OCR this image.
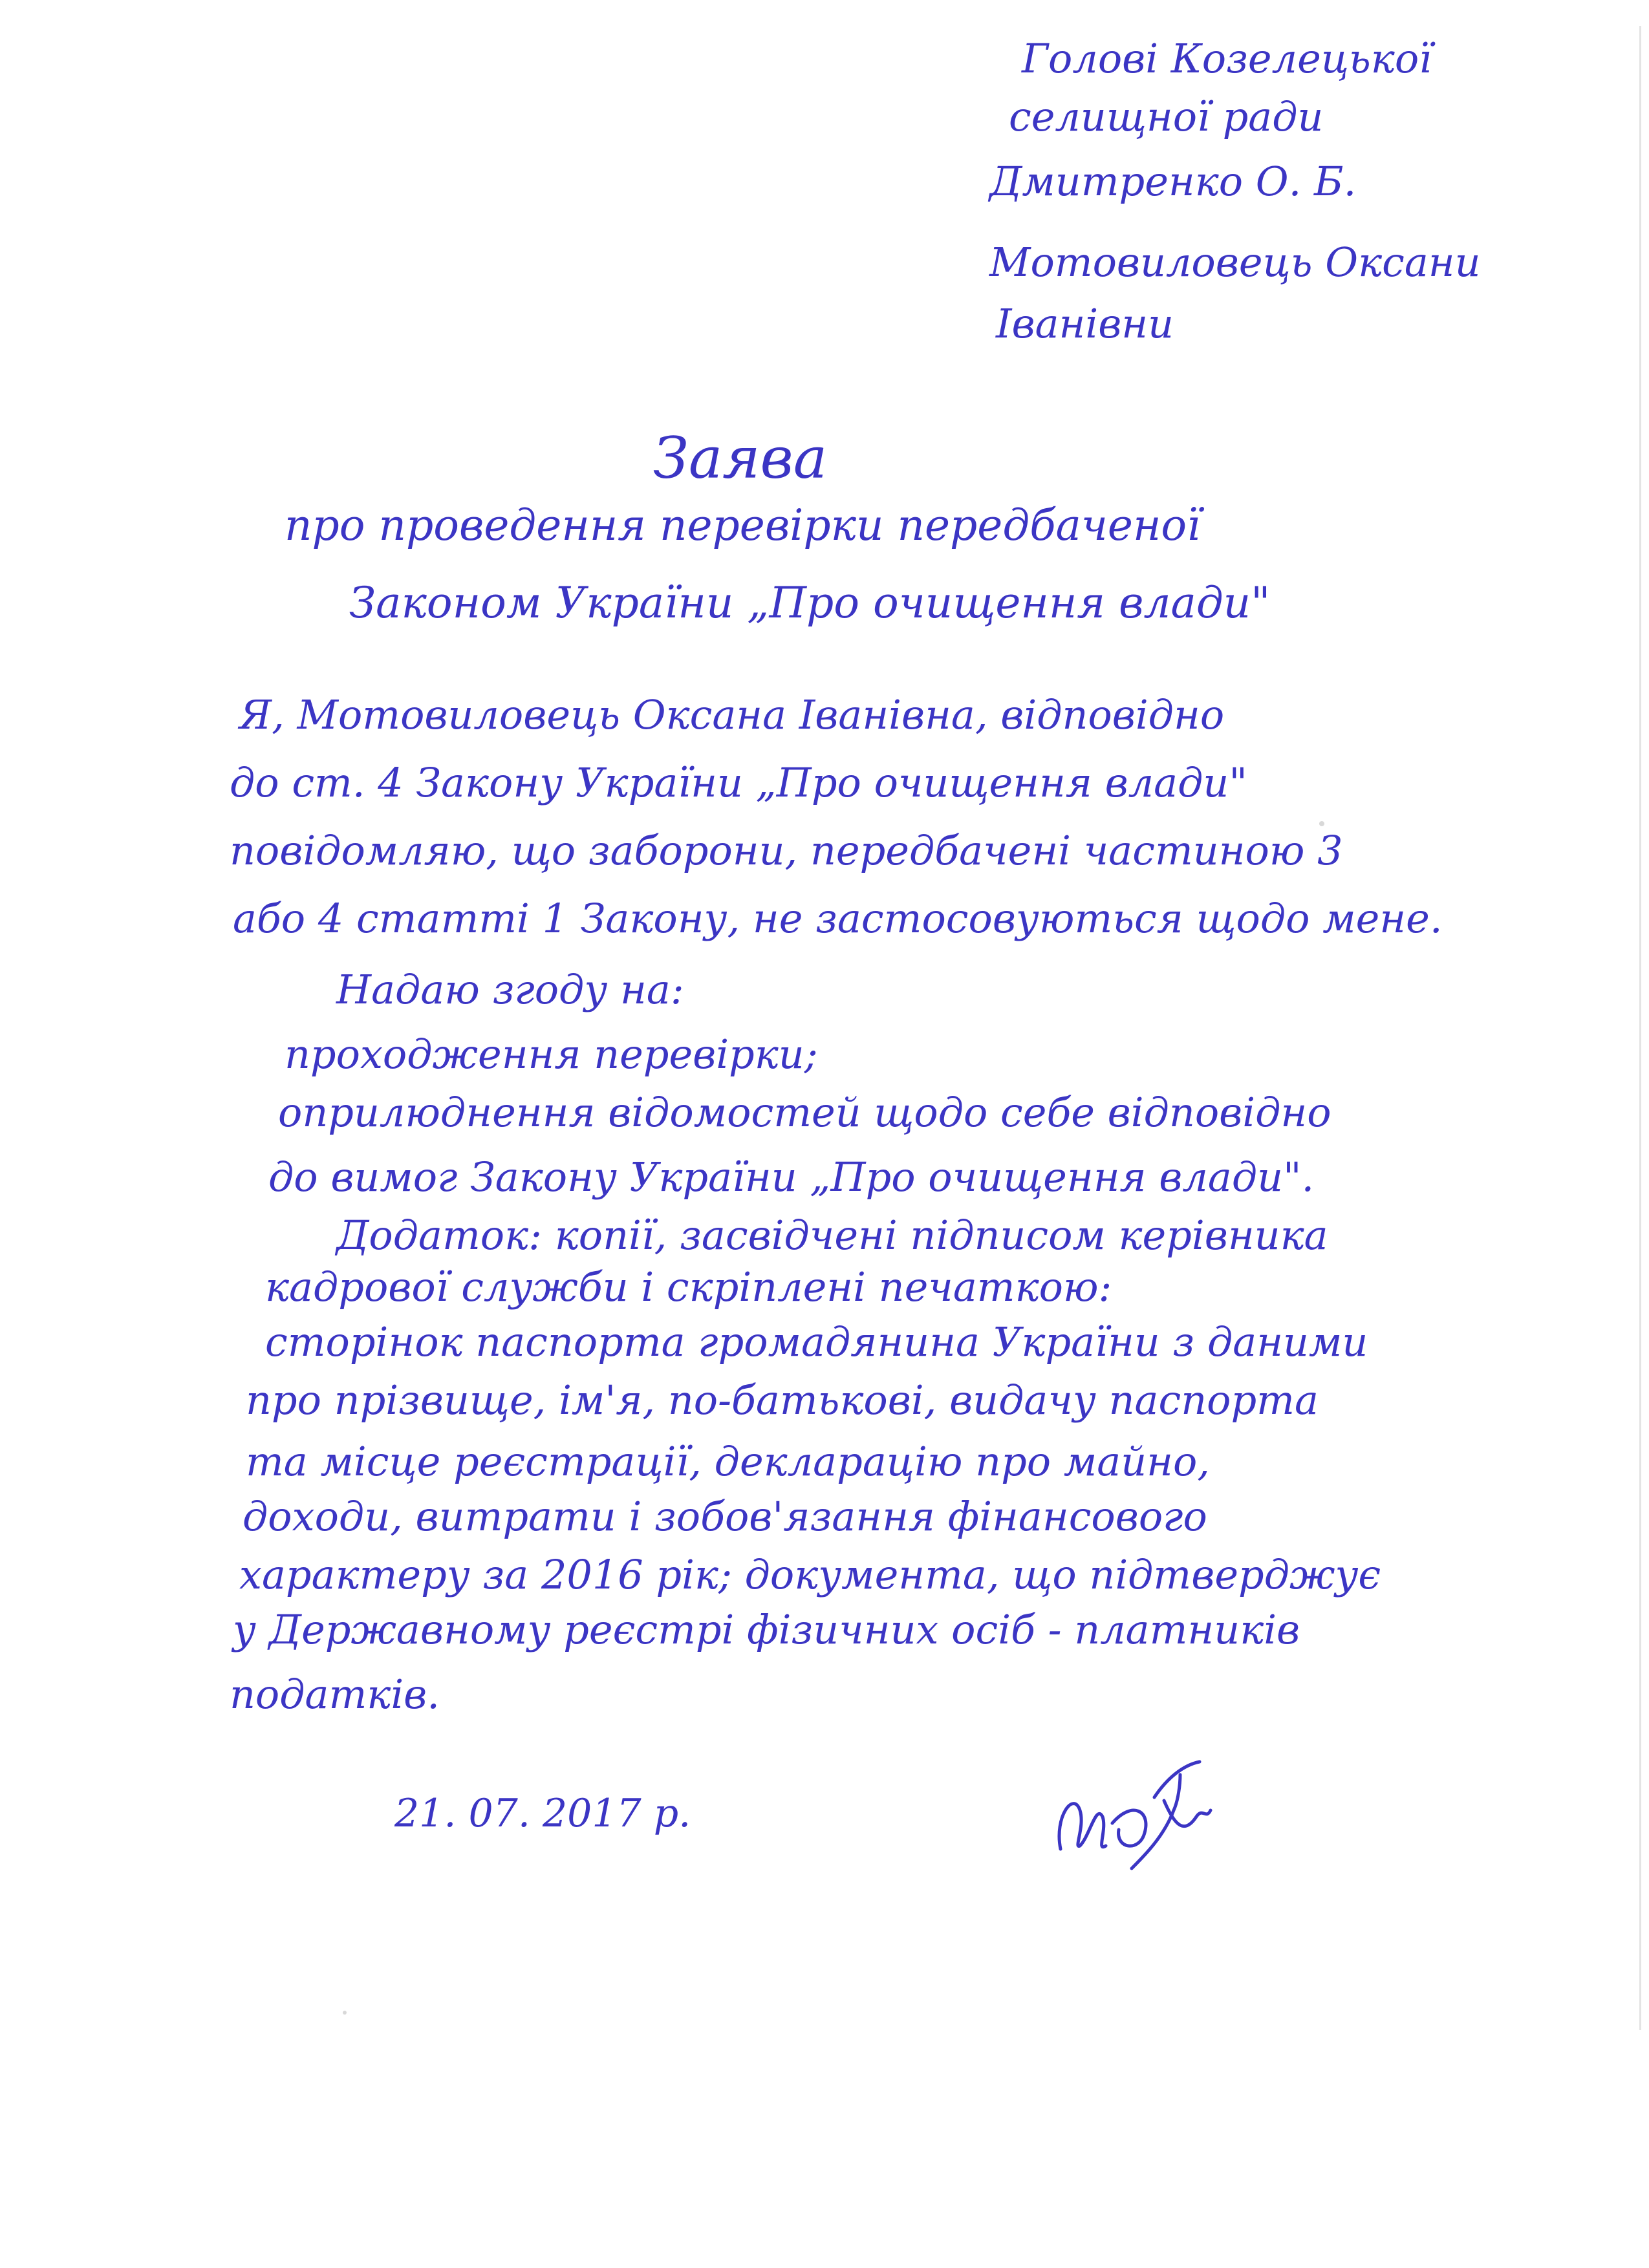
Голові Козелецької

селищної ради

Дмитренко О. Б.

Мотовиловець Оксани

Іванівни

Заява

про проведення перевірки передбаченої

Законом України „Про очищення влади"

Я, Мотовиловець Оксана Іванівна, відповідно

до ст. 4 Закону України „Про очищення влади"

повідомляю, що заборони, передбачені частиною 3

або 4 статті 1 Закону, не застосовуються щодо мене.

Надаю згоду на:

проходження перевірки;

оприлюднення відомостей щодо себе відповідно

до вимог Закону України „Про очищення влади".

Додаток: копії, засвідчені підписом керівника

кадрової служби і скріплені печаткою:

сторінок паспорта громадянина України з даними

про прізвище, ім'я, по-батькові, видачу паспорта

та місце реєстрації, декларацію про майно,

доходи, витрати і зобов'язання фінансового

характеру за 2016 рік; документа, що підтверджує

у Державному реєстрі фізичних осіб - платників

податків.

21. 07. 2017 р.
